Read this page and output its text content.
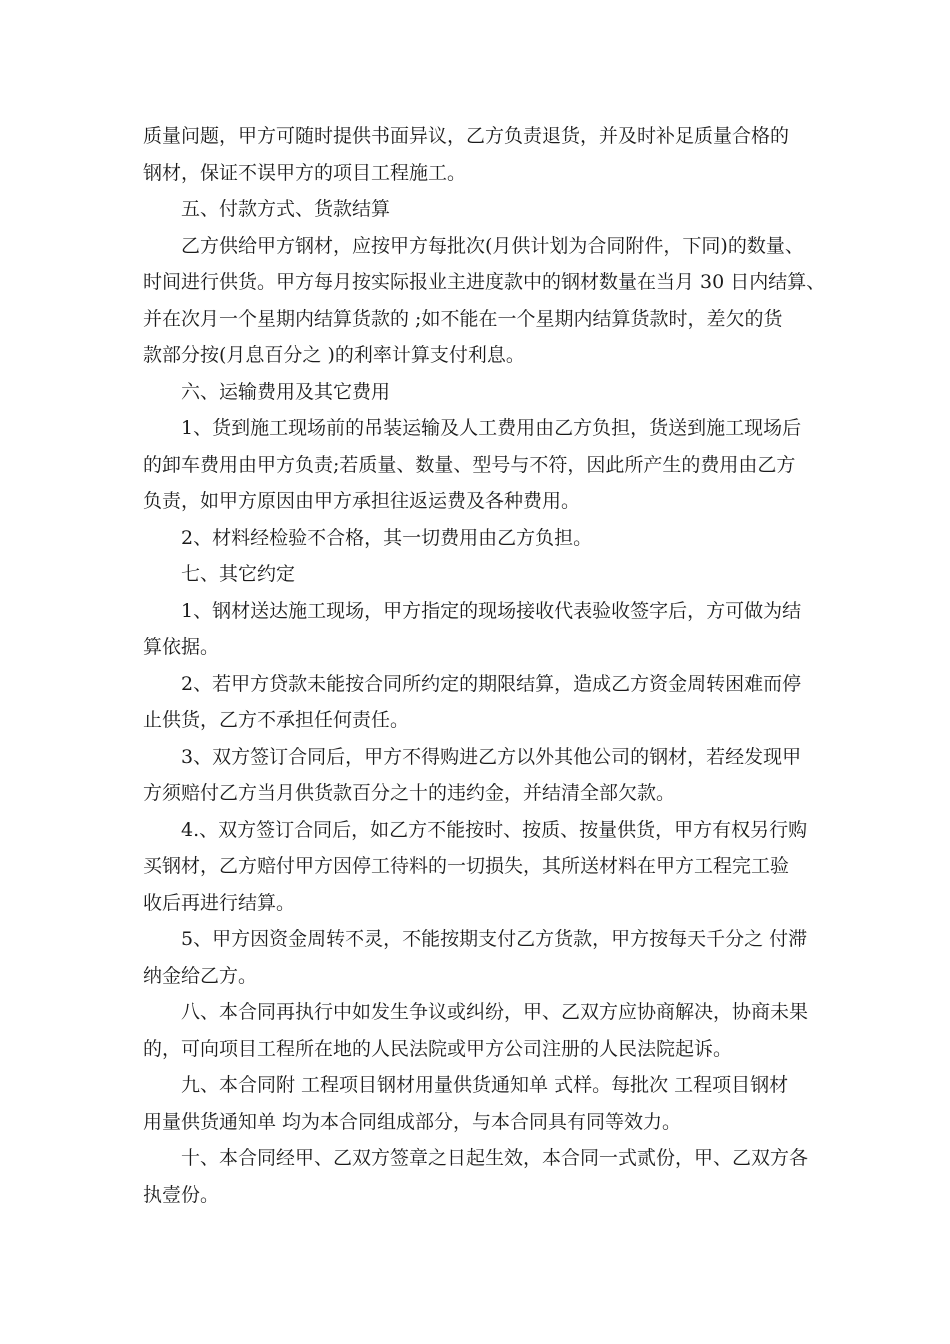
质量问题，甲方可随时提供书面异议，乙方负责退货，并及时补足质量合格的

钢材，保证不误甲方的项目工程施工。

　　五、付款方式、货款结算

　　乙方供给甲方钢材，应按甲方每批次(月供计划为合同附件，下同)的数量、

时间进行供货。甲方每月按实际报业主进度款中的钢材数量在当月 30 日内结算、

并在次月一个星期内结算货款的 ;如不能在一个星期内结算货款时，差欠的货

款部分按(月息百分之 )的利率计算支付利息。

　　六、运输费用及其它费用

　　1、货到施工现场前的吊装运输及人工费用由乙方负担，货送到施工现场后

的卸车费用由甲方负责;若质量、数量、型号与不符，因此所产生的费用由乙方

负责，如甲方原因由甲方承担往返运费及各种费用。

　　2、材料经检验不合格，其一切费用由乙方负担。

　　七、其它约定

　　1、钢材送达施工现场，甲方指定的现场接收代表验收签字后，方可做为结

算依据。

　　2、若甲方贷款未能按合同所约定的期限结算，造成乙方资金周转困难而停

止供货，乙方不承担任何责任。

　　3、双方签订合同后，甲方不得购进乙方以外其他公司的钢材，若经发现甲

方须赔付乙方当月供货款百分之十的违约金，并结清全部欠款。

　　4.、双方签订合同后，如乙方不能按时、按质、按量供货，甲方有权另行购

买钢材，乙方赔付甲方因停工待料的一切损失，其所送材料在甲方工程完工验

收后再进行结算。

　　5、甲方因资金周转不灵，不能按期支付乙方货款，甲方按每天千分之 付滞

纳金给乙方。

　　八、本合同再执行中如发生争议或纠纷，甲、乙双方应协商解决，协商未果

的，可向项目工程所在地的人民法院或甲方公司注册的人民法院起诉。

　　九、本合同附 工程项目钢材用量供货通知单 式样。每批次 工程项目钢材

用量供货通知单 均为本合同组成部分，与本合同具有同等效力。

　　十、本合同经甲、乙双方签章之日起生效，本合同一式贰份，甲、乙双方各

执壹份。
